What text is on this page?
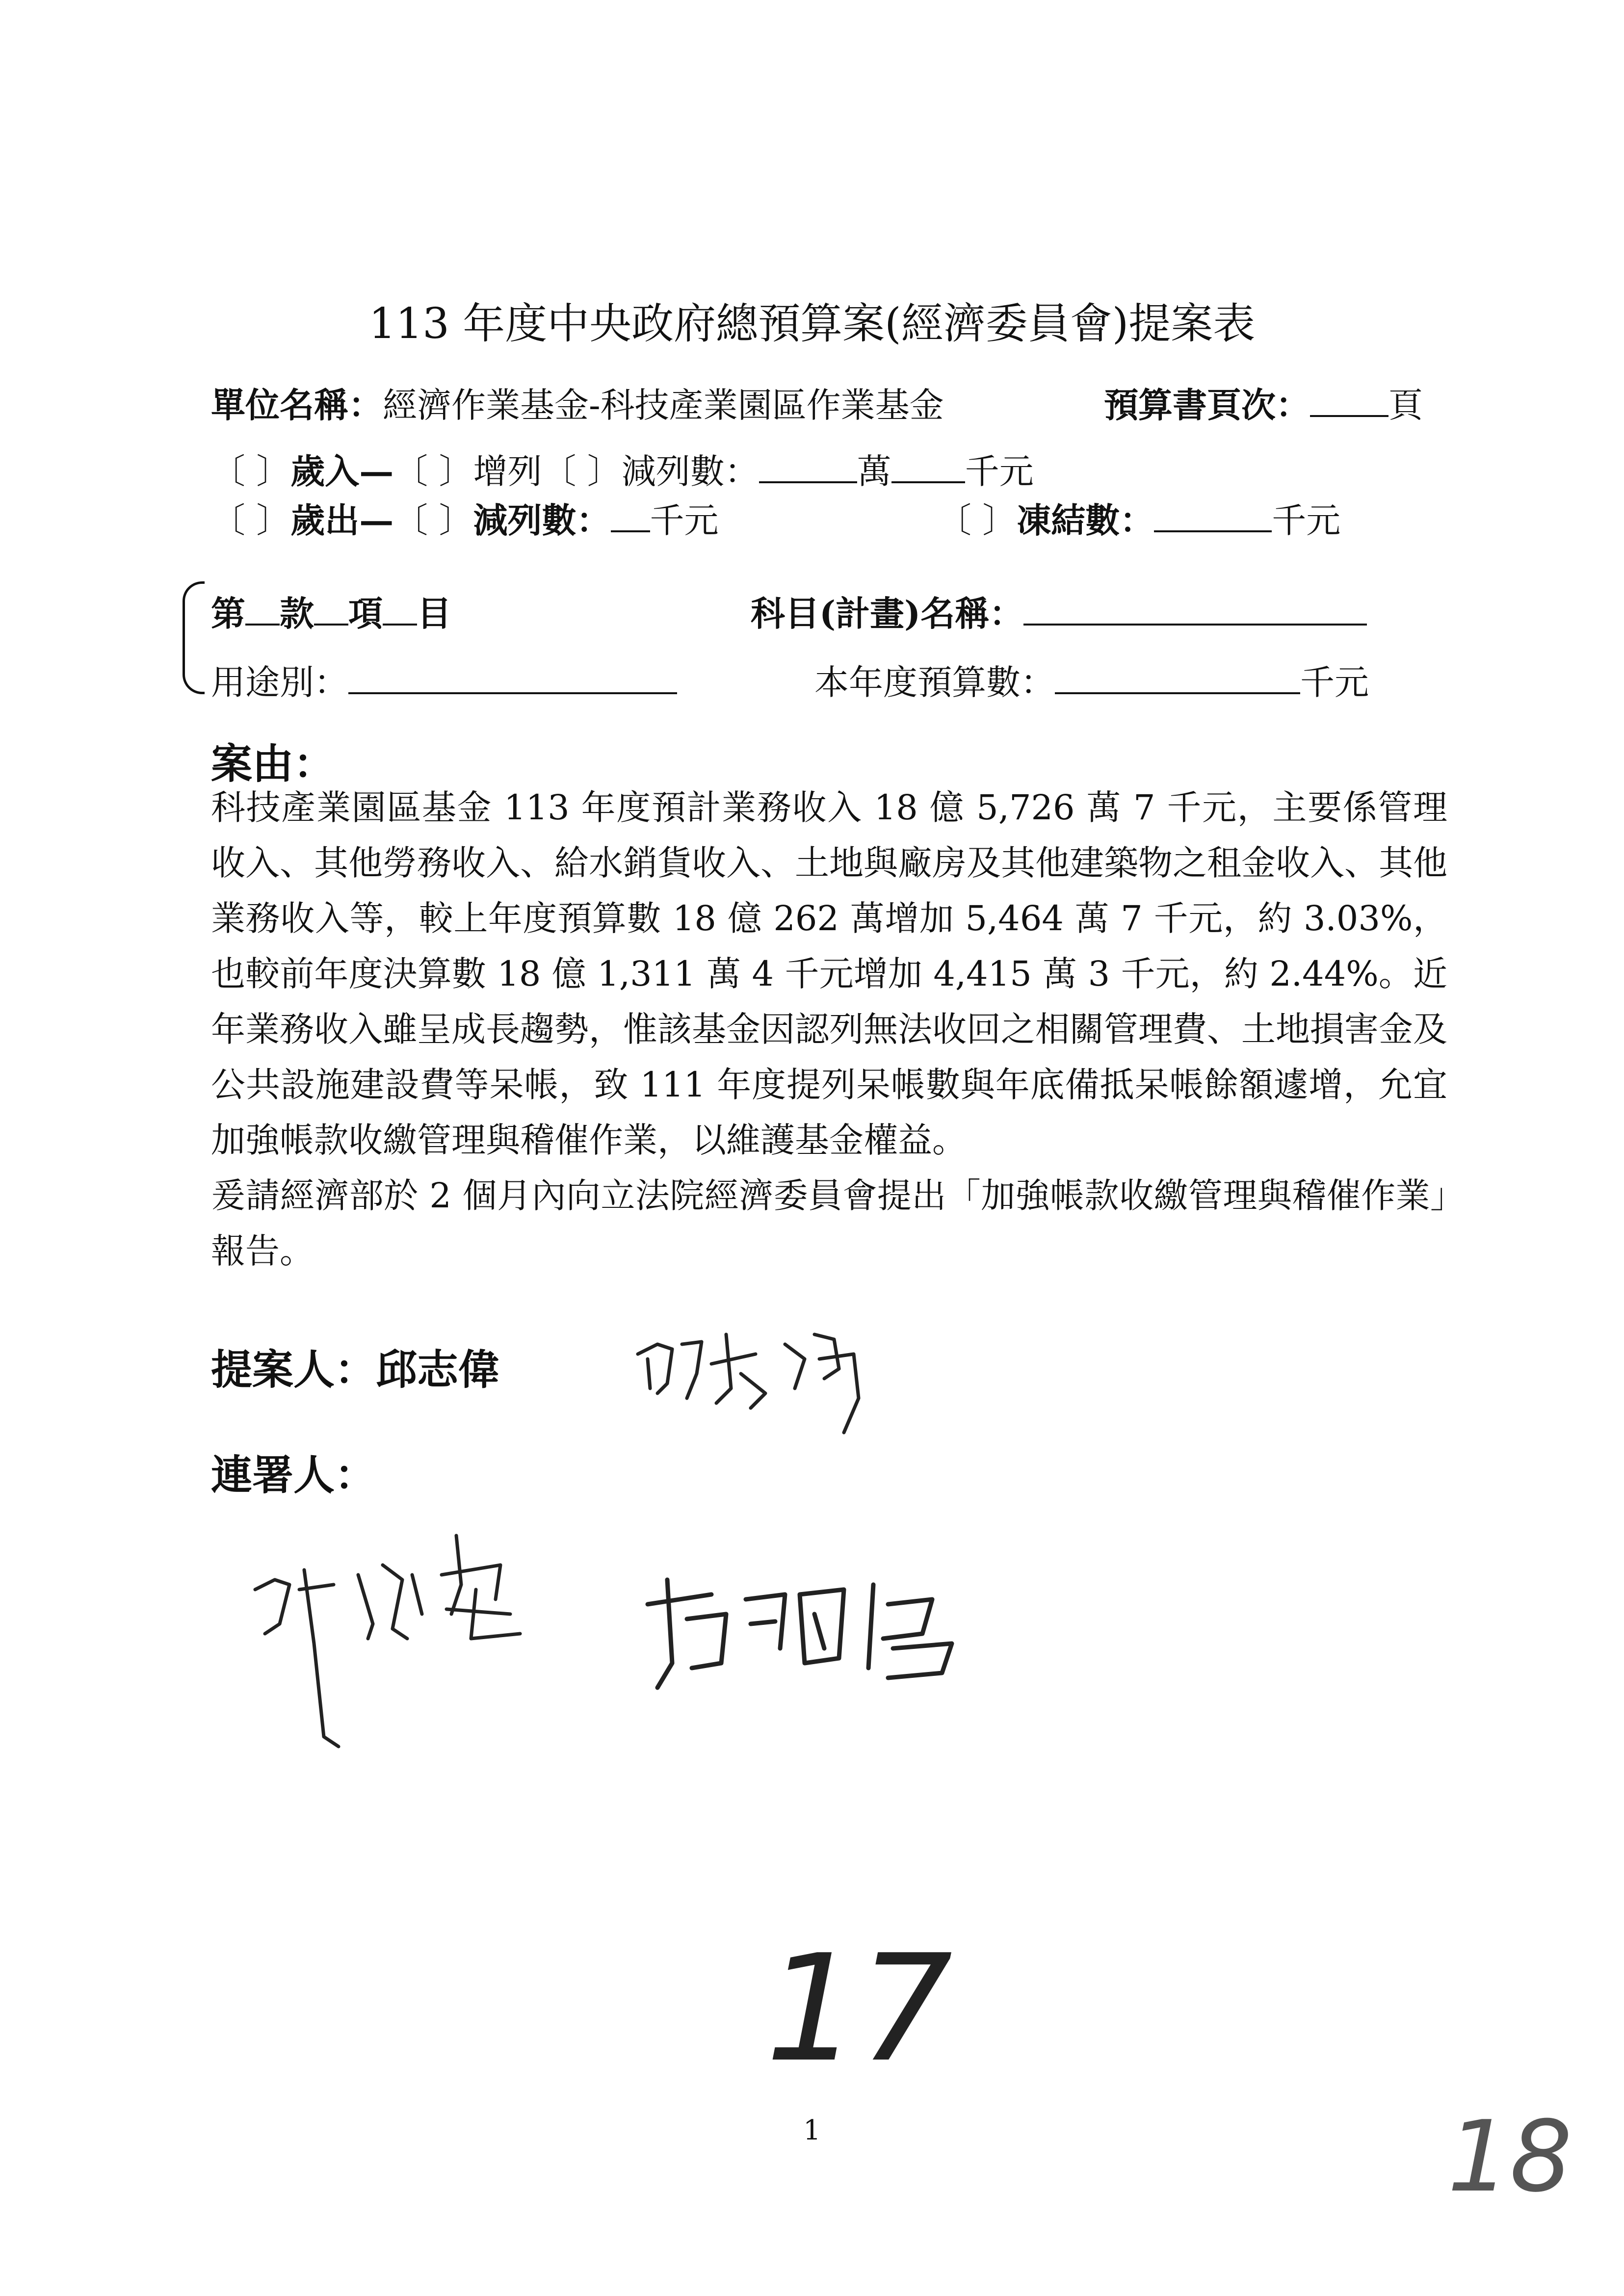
113 年度中央政府總預算案(經濟委員會)提案表
單位名稱：經濟作業基金-科技產業園區作業基金	預算書頁次： 頁
〔 〕歲入—〔 〕增列〔 〕減列數：	萬 千元
〔 〕歲出—〔 〕減列數： 千元	〔 〕凍結數：	千元
第 款 項 目	科目(計畫)名稱：
用途別：	本年度預算數：	千元
案由：

科技產業園區基金 113 年度預計業務收入 18 億 5,726 萬 7 千元，主要係管理收入、其他勞務收入、給水銷貨收入、土地與廠房及其他建築物之租金收入、其他業務收入等，較上年度預算數 18 億 262 萬增加 5,464 萬 7 千元，約 3.03%，也較前年度決算數 18 億 1,311 萬 4 千元增加 4,415 萬 3 千元，約 2.44%。近年業務收入雖呈成長趨勢，惟該基金因認列無法收回之相關管理費、土地損害金及公共設施建設費等呆帳，致 111 年度提列呆帳數與年底備抵呆帳餘額遽增，允宜加強帳款收繳管理與稽催作業，以維護基金權益。

爰請經濟部於 2 個月內向立法院經濟委員會提出「加強帳款收繳管理與稽催作業」報告。

提案人：邱志偉
連署人：
17
1	18
